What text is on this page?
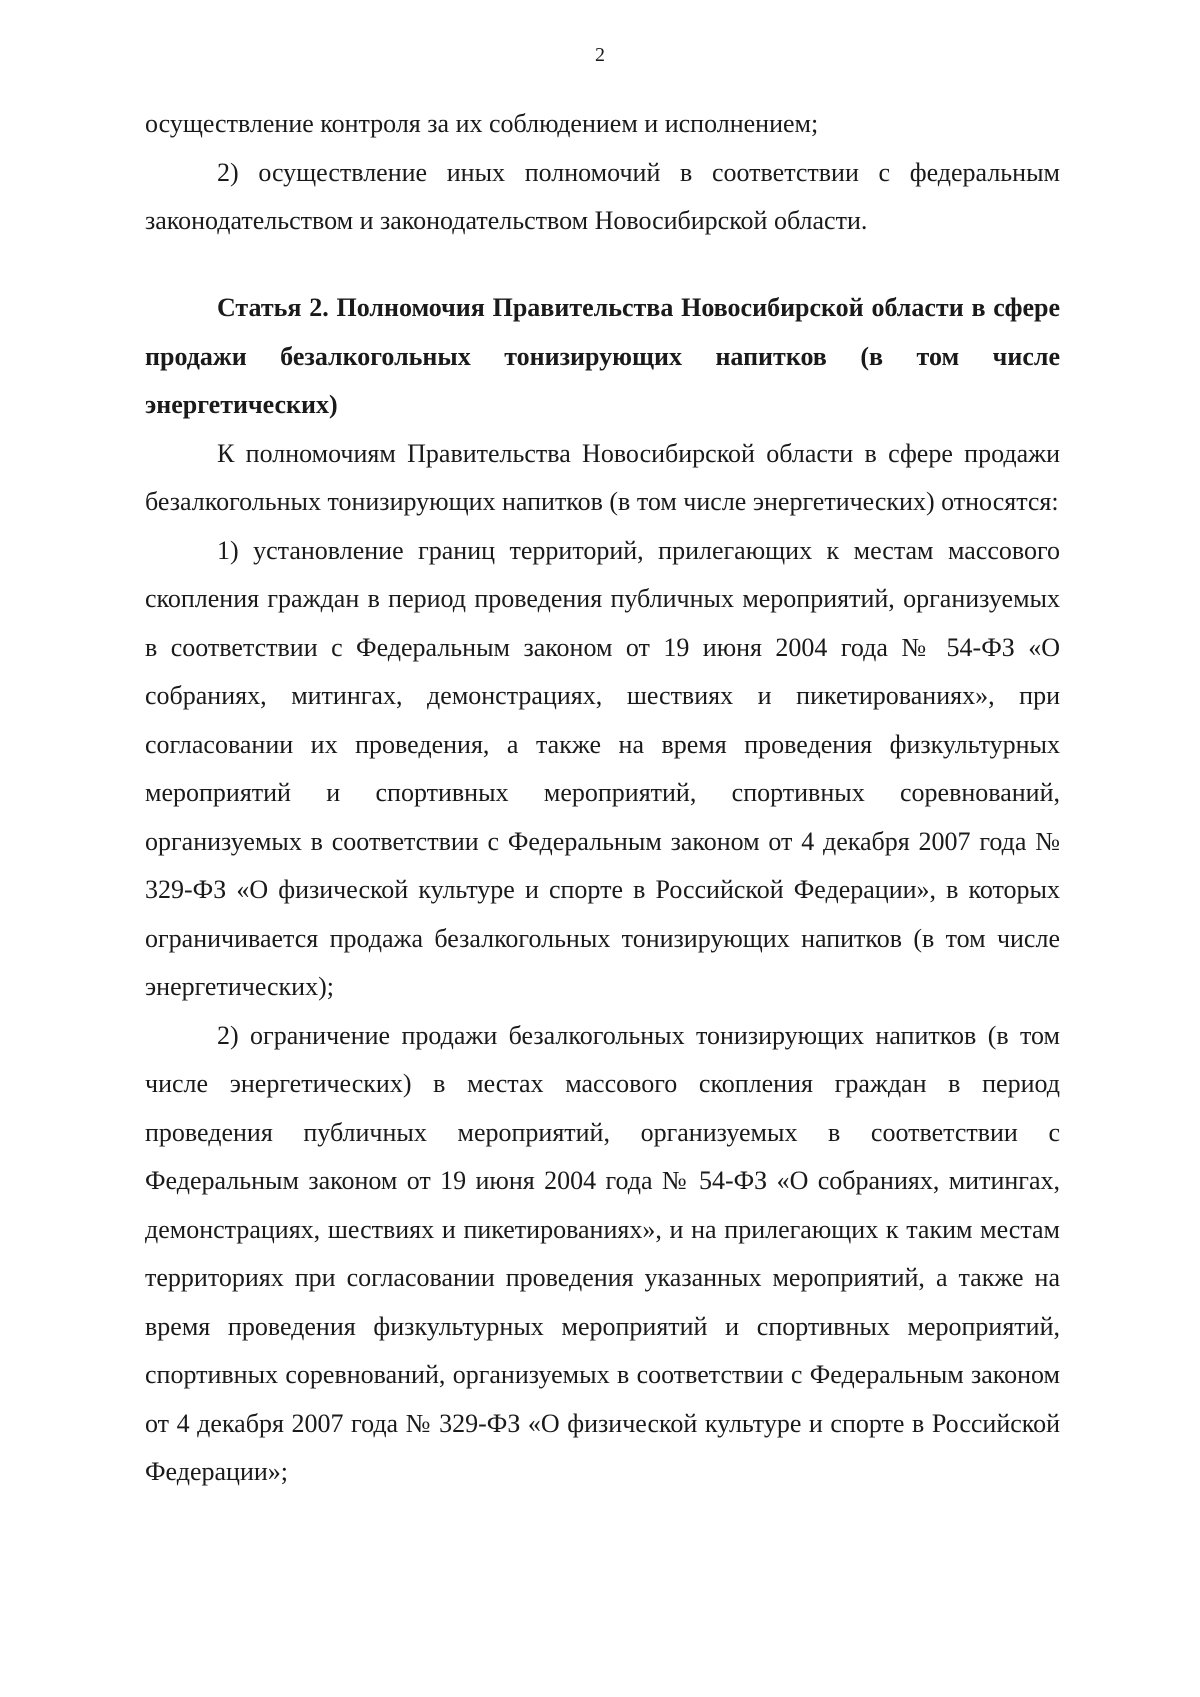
2

осуществление контроля за их соблюдением и исполнением;

2) осуществление иных полномочий в соответствии с федеральным законодательством и законодательством Новосибирской области.

Статья 2. Полномочия Правительства Новосибирской области в сфере продажи безалкогольных тонизирующих напитков (в том числе энергетических)

К полномочиям Правительства Новосибирской области в сфере продажи безалкогольных тонизирующих напитков (в том числе энергетических) относятся:

1) установление границ территорий, прилегающих к местам массового скопления граждан в период проведения публичных мероприятий, организуемых в соответствии с Федеральным законом от 19 июня 2004 года № 54-ФЗ «О собраниях, митингах, демонстрациях, шествиях и пикетированиях», при согласовании их проведения, а также на время проведения физкультурных мероприятий и спортивных мероприятий, спортивных соревнований, организуемых в соответствии с Федеральным законом от 4 декабря 2007 года № 329-ФЗ «О физической культуре и спорте в Российской Федерации», в которых ограничивается продажа безалкогольных тонизирующих напитков (в том числе энергетических);

2) ограничение продажи безалкогольных тонизирующих напитков (в том числе энергетических) в местах массового скопления граждан в период проведения публичных мероприятий, организуемых в соответствии с Федеральным законом от 19 июня 2004 года № 54-ФЗ «О собраниях, митингах, демонстрациях, шествиях и пикетированиях», и на прилегающих к таким местам территориях при согласовании проведения указанных мероприятий, а также на время проведения физкультурных мероприятий и спортивных мероприятий, спортивных соревнований, организуемых в соответствии с Федеральным законом от 4 декабря 2007 года № 329-ФЗ «О физической культуре и спорте в Российской Федерации»;
